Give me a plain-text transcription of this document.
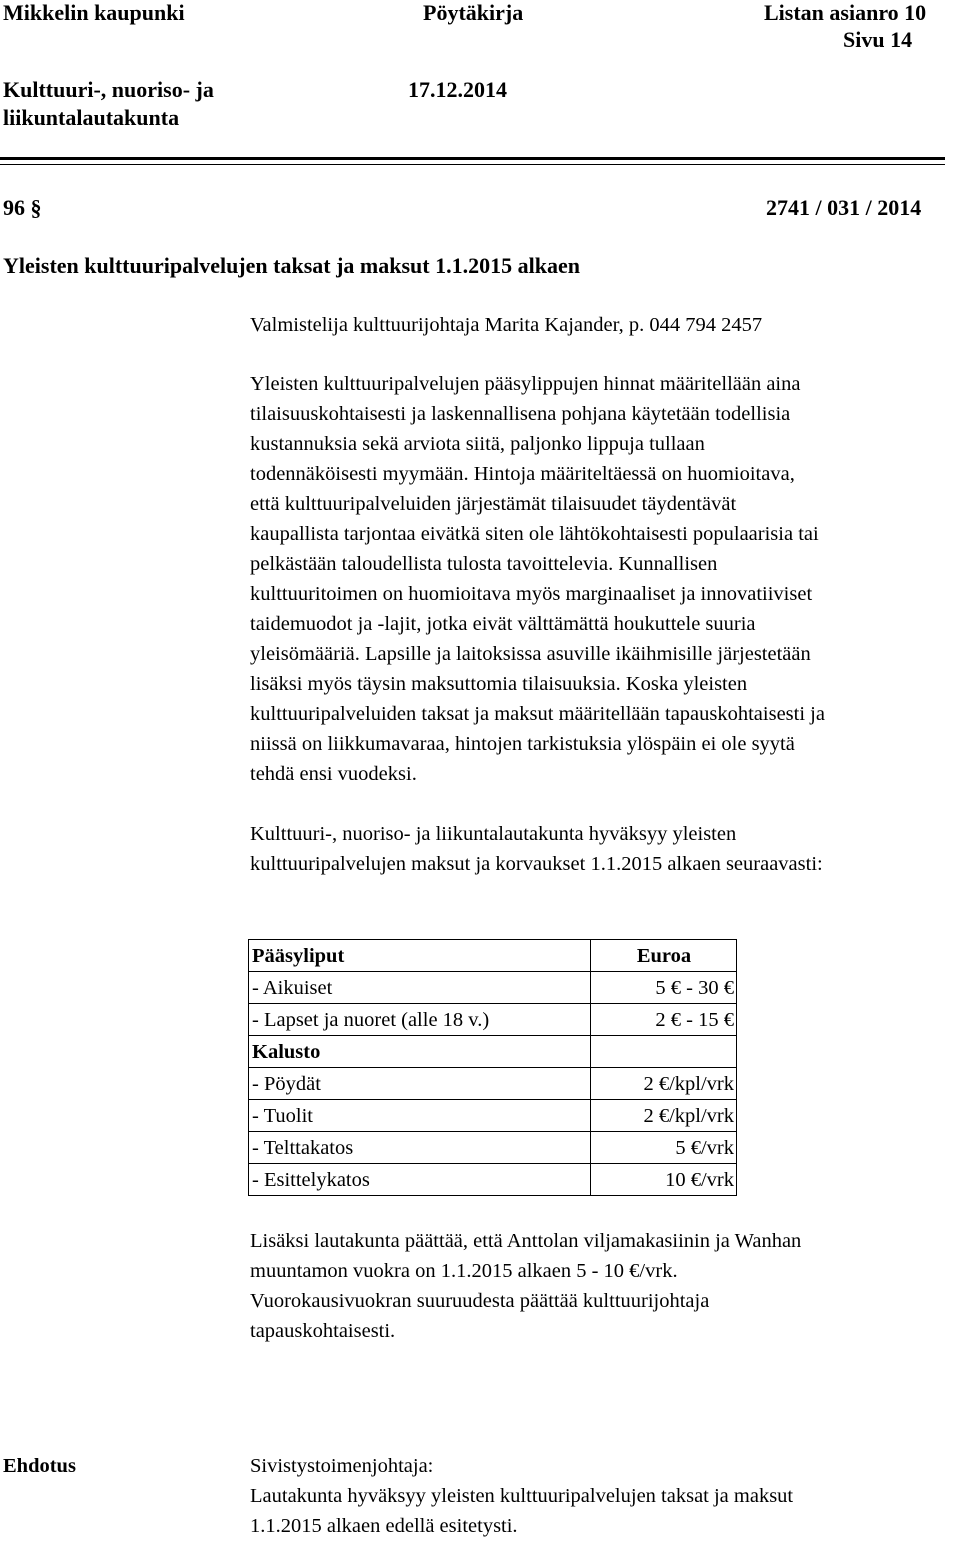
Mikkelin kaupunki	Pöytäkirja	Listan asianro 10
Sivu 14
Kulttuuri-, nuoriso- ja
liikuntalautakunta
17.12.2014
96 §	2741 / 031 / 2014
Yleisten kulttuuripalvelujen taksat ja maksut 1.1.2015 alkaen
Valmistelija kulttuurijohtaja Marita Kajander, p. 044 794 2457
Yleisten kulttuuripalvelujen pääsylippujen hinnat määritellään aina
tilaisuuskohtaisesti ja laskennallisena pohjana käytetään todellisia
kustannuksia sekä arviota siitä, paljonko lippuja tullaan
todennäköisesti myymään. Hintoja määriteltäessä on huomioitava,
että kulttuuripalveluiden järjestämät tilaisuudet täydentävät
kaupallista tarjontaa eivätkä siten ole lähtökohtaisesti populaarisia tai
pelkästään taloudellista tulosta tavoittelevia. Kunnallisen
kulttuuritoimen on huomioitava myös marginaaliset ja innovatiiviset
taidemuodot ja -lajit, jotka eivät välttämättä houkuttele suuria
yleisömääriä. Lapsille ja laitoksissa asuville ikäihmisille järjestetään
lisäksi myös täysin maksuttomia tilaisuuksia. Koska yleisten
kulttuuripalveluiden taksat ja maksut määritellään tapauskohtaisesti ja
niissä on liikkumavaraa, hintojen tarkistuksia ylöspäin ei ole syytä
tehdä ensi vuodeksi.
Kulttuuri-, nuoriso- ja liikuntalautakunta hyväksyy yleisten
kulttuuripalvelujen maksut ja korvaukset 1.1.2015 alkaen seuraavasti:
Pääsyliput	Euroa
- Aikuiset	5 € - 30 €
- Lapset ja nuoret (alle 18 v.)	2 € - 15 €
Kalusto	
- Pöydät	2 €/kpl/vrk
- Tuolit	2 €/kpl/vrk
- Telttakatos	5 €/vrk
- Esittelykatos	10 €/vrk
Lisäksi lautakunta päättää, että Anttolan viljamakasiinin ja Wanhan
muuntamon vuokra on 1.1.2015 alkaen 5 - 10 €/vrk.
Vuorokausivuokran suuruudesta päättää kulttuurijohtaja
tapauskohtaisesti.
Ehdotus	Sivistystoimenjohtaja:
Lautakunta hyväksyy yleisten kulttuuripalvelujen taksat ja maksut
1.1.2015 alkaen edellä esitetysti.
